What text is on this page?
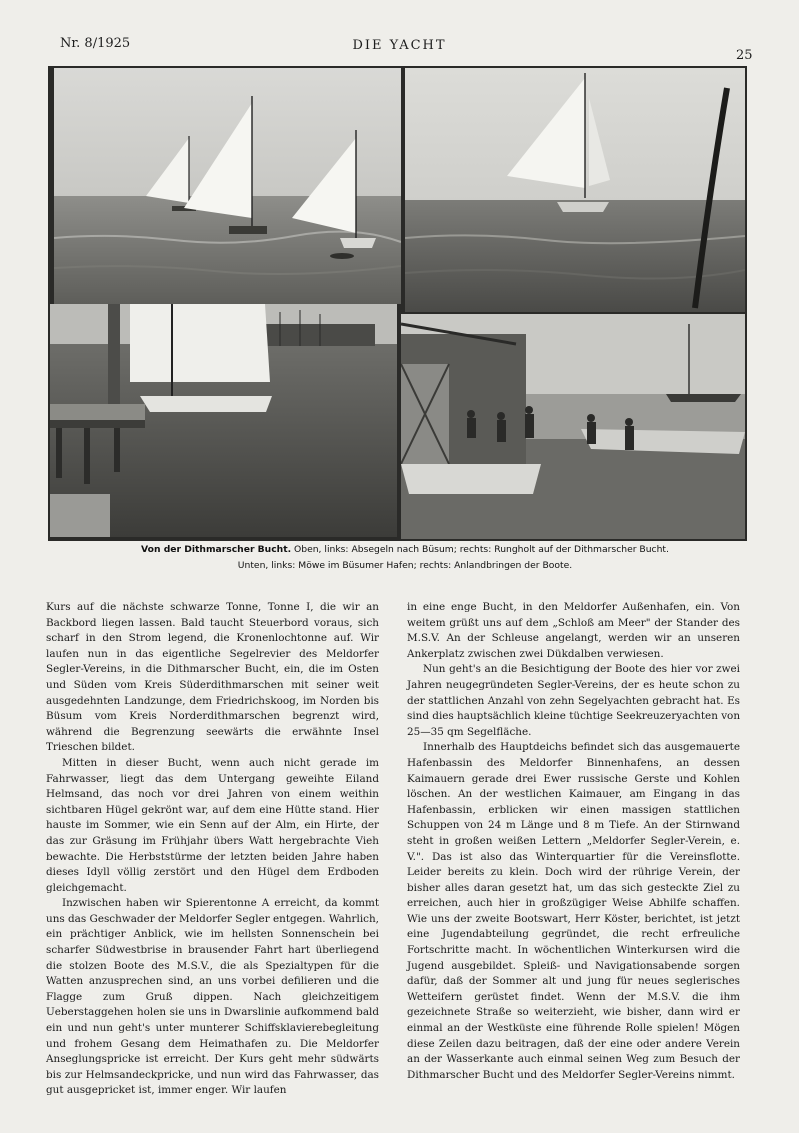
Nr. 8/1925	DIE YACHT
25
Von der Dithmarscher Bucht. Oben, links: Absegeln nach Büsum; rechts: Rungholt auf der Dithmarscher Bucht.
Unten, links: Möwe im Büsumer Hafen; rechts: Anlandbringen der Boote.

Kurs auf die nächste schwarze Tonne, Tonne I, die wir an Backbord liegen lassen. Bald taucht Steuerbord voraus, sich scharf in den Strom legend, die Kronenlochtonne auf. Wir laufen nun in das eigentliche Segelrevier des Meldorfer Segler-Vereins, in die Dithmarscher Bucht, ein, die im Osten und Süden vom Kreis Süderdithmarschen mit seiner weit ausgedehnten Landzunge, dem Friedrichskoog, im Norden bis Büsum vom Kreis Norderdithmarschen begrenzt wird, während die Begrenzung seewärts die erwähnte Insel Trieschen bildet.

Mitten in dieser Bucht, wenn auch nicht gerade im Fahrwasser, liegt das dem Untergang geweihte Eiland Helmsand, das noch vor drei Jahren von einem weithin sichtbaren Hügel gekrönt war, auf dem eine Hütte stand. Hier hauste im Sommer, wie ein Senn auf der Alm, ein Hirte, der das zur Gräsung im Frühjahr übers Watt hergebrachte Vieh bewachte. Die Herbststürme der letzten beiden Jahre haben dieses Idyll völlig zerstört und den Hügel dem Erdboden gleichgemacht.

Inzwischen haben wir Spierentonne A erreicht, da kommt uns das Geschwader der Meldorfer Segler entgegen. Wahrlich, ein prächtiger Anblick, wie im hellsten Sonnenschein bei scharfer Südwestbrise in brausender Fahrt hart überliegend die stolzen Boote des M.S.V., die als Spezialtypen für die Watten anzusprechen sind, an uns vorbei defilieren und die Flagge zum Gruß dippen. Nach gleichzeitigem Ueberstaggehen holen sie uns in Dwarslinie aufkommend bald ein und nun geht's unter munterer Schiffsklavierebegleitung und frohem Gesang dem Heimathafen zu. Die Meldorfer Anseglungspricke ist erreicht. Der Kurs geht mehr südwärts bis zur Helmsandeckpricke, und nun wird das Fahrwasser, das gut ausgepricket ist, immer enger. Wir laufen

in eine enge Bucht, in den Meldorfer Außenhafen, ein. Von weitem grüßt uns auf dem „Schloß am Meer" der Stander des M.S.V. An der Schleuse angelangt, werden wir an unseren Ankerplatz zwischen zwei Dükdalben verwiesen.

Nun geht's an die Besichtigung der Boote des hier vor zwei Jahren neugegründeten Segler-Vereins, der es heute schon zu der stattlichen Anzahl von zehn Segelyachten gebracht hat. Es sind dies hauptsächlich kleine tüchtige Seekreuzeryachten von 25—35 qm Segelfläche.

Innerhalb des Hauptdeichs befindet sich das ausgemauerte Hafenbassin des Meldorfer Binnenhafens, an dessen Kaimauern gerade drei Ewer russische Gerste und Kohlen löschen. An der westlichen Kaimauer, am Eingang in das Hafenbassin, erblicken wir einen massigen stattlichen Schuppen von 24 m Länge und 8 m Tiefe. An der Stirnwand steht in großen weißen Lettern „Meldorfer Segler-Verein, e. V.". Das ist also das Winterquartier für die Vereinsflotte. Leider bereits zu klein. Doch wird der rührige Verein, der bisher alles daran gesetzt hat, um das sich gesteckte Ziel zu erreichen, auch hier in großzügiger Weise Abhilfe schaffen. Wie uns der zweite Bootswart, Herr Köster, berichtet, ist jetzt eine Jugendabteilung gegründet, die recht erfreuliche Fortschritte macht. In wöchentlichen Winterkursen wird die Jugend ausgebildet. Spleiß- und Navigationsabende sorgen dafür, daß der Sommer alt und jung für neues seglerisches Wetteifern gerüstet findet. Wenn der M.S.V. die ihm gezeichnete Straße so weiterzieht, wie bisher, dann wird er einmal an der Westküste eine führende Rolle spielen! Mögen diese Zeilen dazu beitragen, daß der eine oder andere Verein an der Wasserkante auch einmal seinen Weg zum Besuch der Dithmarscher Bucht und des Meldorfer Segler-Vereins nimmt.
